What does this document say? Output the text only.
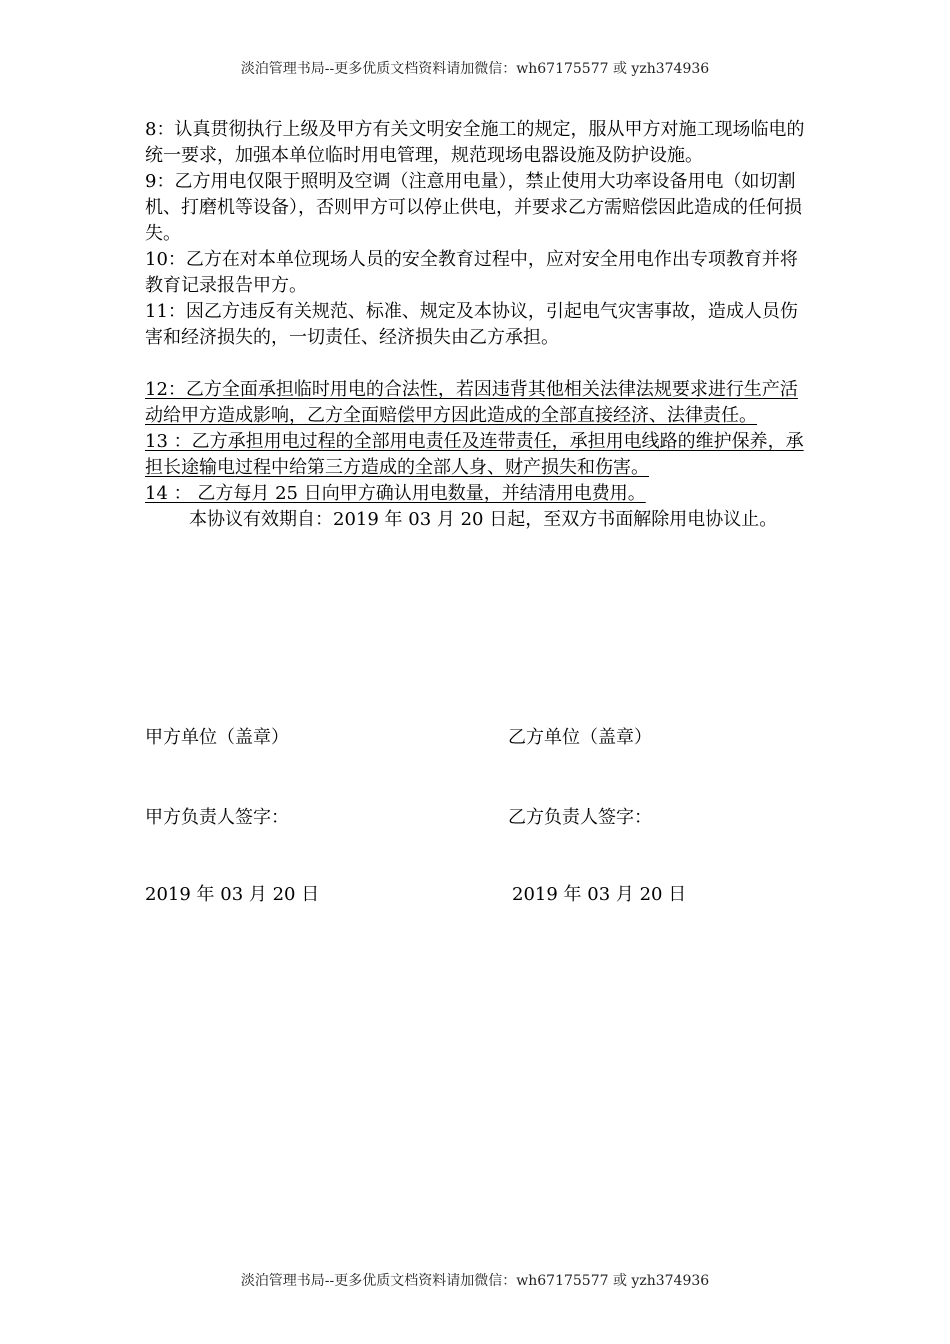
淡泊管理书局--更多优质文档资料请加微信：wh67175577 或 yzh374936

8：认真贯彻执行上级及甲方有关文明安全施工的规定，服从甲方对施工现场临电的统一要求，加强本单位临时用电管理，规范现场电器设施及防护设施。

9：乙方用电仅限于照明及空调（注意用电量），禁止使用大功率设备用电（如切割机、打磨机等设备），否则甲方可以停止供电，并要求乙方需赔偿因此造成的任何损失。

10：乙方在对本单位现场人员的安全教育过程中，应对安全用电作出专项教育并将教育记录报告甲方。

11：因乙方违反有关规范、标准、规定及本协议，引起电气灾害事故，造成人员伤害和经济损失的，一切责任、经济损失由乙方承担。

12：乙方全面承担临时用电的合法性，若因违背其他相关法律法规要求进行生产活动给甲方造成影响，乙方全面赔偿甲方因此造成的全部直接经济、法律责任。

13 ：乙方承担用电过程的全部用电责任及连带责任，承担用电线路的维护保养，承担长途输电过程中给第三方造成的全部人身、财产损失和伤害。

14 ： 乙方每月 25 日向甲方确认用电数量，并结清用电费用。

本协议有效期自：2019 年 03 月 20 日起，至双方书面解除用电协议止。

甲方单位（盖章）	乙方单位（盖章）
甲方负责人签字：	乙方负责人签字：
2019 年 03 月 20 日	2019 年 03 月 20 日
淡泊管理书局--更多优质文档资料请加微信：wh67175577 或 yzh374936
